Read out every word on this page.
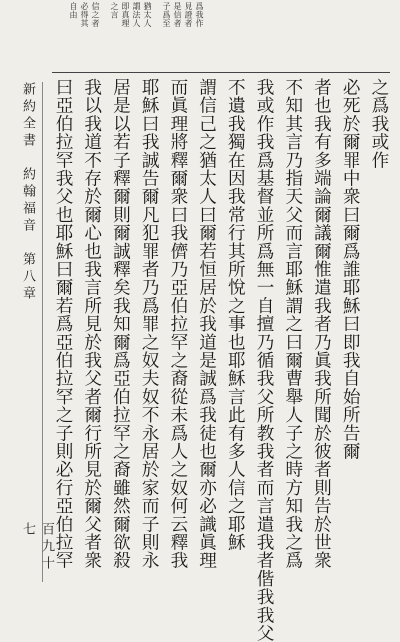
爲我作
見證者
是信者
子爲至
猶太人
謂法人
即真理
之言
信之者
必得其
自由
之爲我或作
必死於爾罪中衆曰爾爲誰耶穌曰即我自始所告爾
者也我有多端論爾議爾惟遣我者乃眞我所聞於彼者則告於世衆
不知其言乃指天父而言耶穌謂之曰爾曹舉人子之時方知我之爲
我或作我爲基督並所爲無一自擅乃循我父所教我者而言遣我者偕我我父
不遺我獨在因我常行其所悅之事也耶穌言此有多人信之耶穌
謂信己之猶太人曰爾若恒居於我道是誠爲我徒也爾亦必識眞理
而眞理將釋爾衆曰我儕乃亞伯拉罕之裔從未爲人之奴何云釋我
耶穌曰我誠告爾凡犯罪者乃爲罪之奴夫奴不永居於家而子則永
居是以若子釋爾則爾誠釋矣我知爾爲亞伯拉罕之裔雖然爾欲殺
我以我道不存於爾心也我言所見於我父者爾行所見於爾父者衆
曰亞伯拉罕我父也耶穌曰爾若爲亞伯拉罕之子則必行亞伯拉罕
新約全書　約翰福音　第八章
百九十七
